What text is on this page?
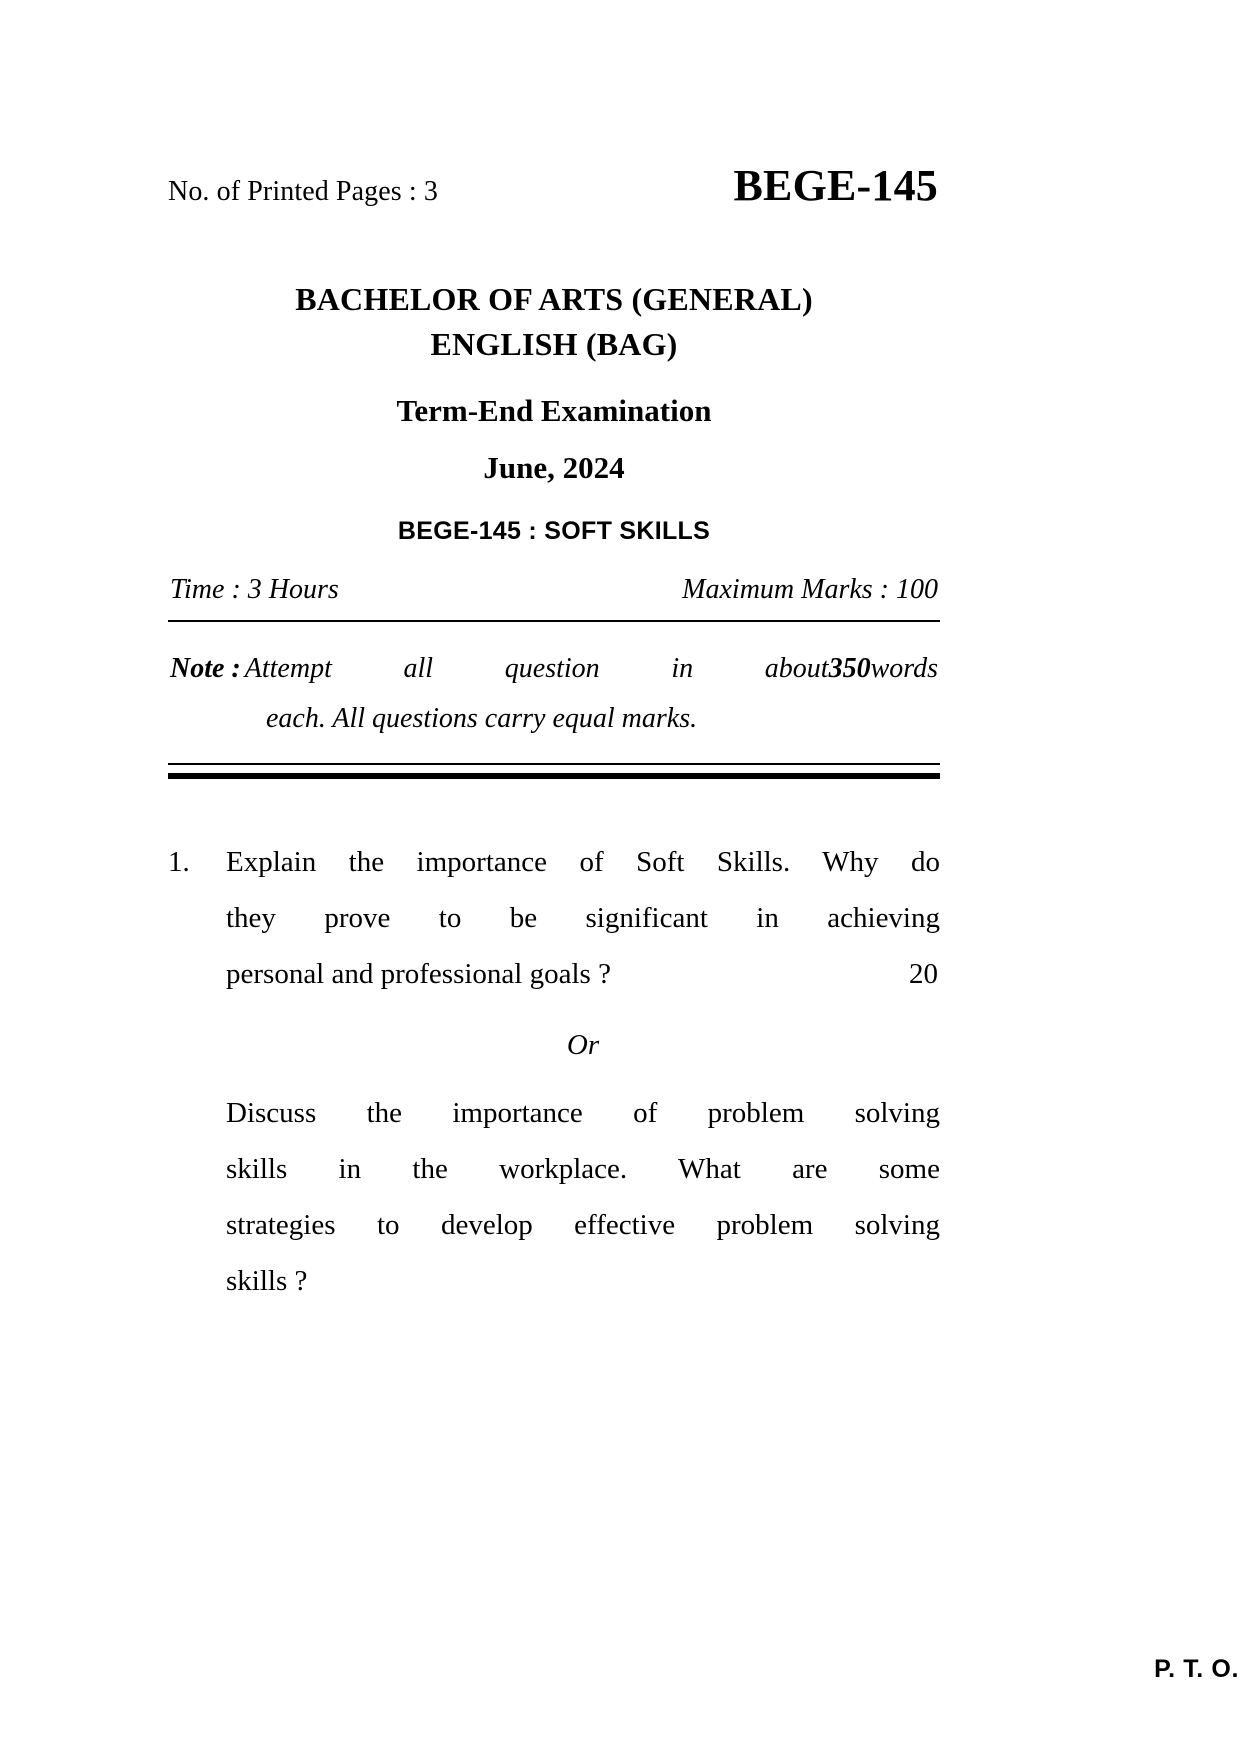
No. of Printed Pages : 3	BEGE-145
BACHELOR OF ARTS (GENERAL)
ENGLISH (BAG)
Term-End Examination
June, 2024
BEGE-145 : SOFT SKILLS
Time : 3 Hours	Maximum Marks : 100
Note : Attempt all question in about350words
each. All questions carry equal marks.
1.	Explain the importance of Soft Skills. Why do
they prove to be significant in achieving
personal and professional goals ?	20
Or
Discuss the importance of problem solving
skills in the workplace. What are some
strategies to develop effective problem solving
skills ?
P. T. O.
